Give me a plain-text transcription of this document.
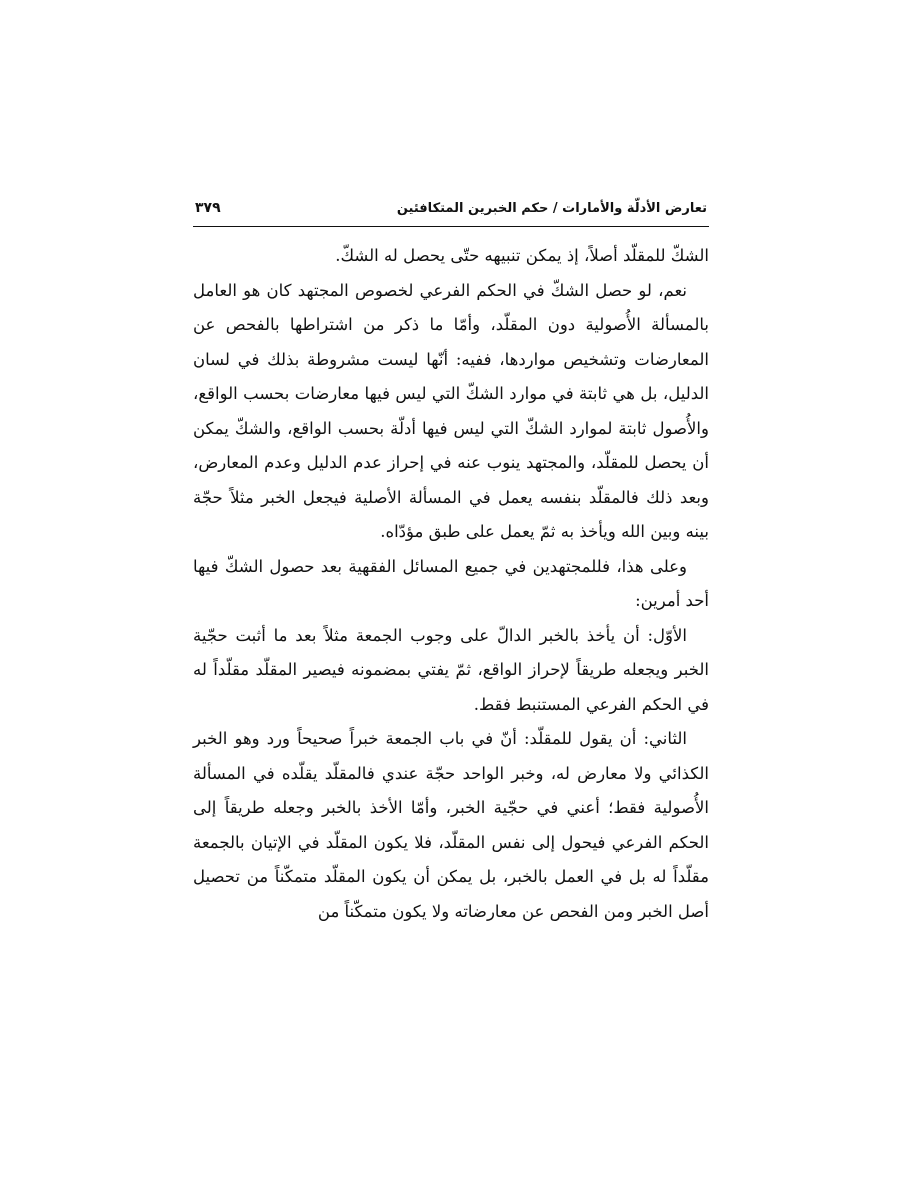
تعارض الأدلّة والأمارات / حكم الخبرين المتكافئين
٣٧٩

الشكّ للمقلّد أصلاً، إذ يمكن تنبيهه حتّى يحصل له الشكّ.

نعم، لو حصل الشكّ في الحكم الفرعي لخصوص المجتهد كان هو العامل بالمسألة الأُصولية دون المقلّد، وأمّا ما ذكر من اشتراطها بالفحص عن المعارضات وتشخيص مواردها، ففيه: أنّها ليست مشروطة بذلك في لسان الدليل، بل هي ثابتة في موارد الشكّ التي ليس فيها معارضات بحسب الواقع، والأُصول ثابتة لموارد الشكّ التي ليس فيها أدلّة بحسب الواقع، والشكّ يمكن أن يحصل للمقلّد، والمجتهد ينوب عنه في إحراز عدم الدليل وعدم المعارض، وبعد ذلك فالمقلّد بنفسه يعمل في المسألة الأصلية فيجعل الخبر مثلاً حجّة بينه وبين الله ويأخذ به ثمّ يعمل على طبق مؤدّاه.

وعلى هذا، فللمجتهدين في جميع المسائل الفقهية بعد حصول الشكّ فيها أحد أمرين:

الأوّل: أن يأخذ بالخبر الدالّ على وجوب الجمعة مثلاً بعد ما أثبت حجّية الخبر ويجعله طريقاً لإحراز الواقع، ثمّ يفتي بمضمونه فيصير المقلّد مقلّداً له في الحكم الفرعي المستنبط فقط.

الثاني: أن يقول للمقلّد: أنّ في باب الجمعة خبراً صحيحاً ورد وهو الخبر الكذائي ولا معارض له، وخبر الواحد حجّة عندي فالمقلّد يقلّده في المسألة الأُصولية فقط؛ أعني في حجّية الخبر، وأمّا الأخذ بالخبر وجعله طريقاً إلى الحكم الفرعي فيحول إلى نفس المقلّد، فلا يكون المقلّد في الإتيان بالجمعة مقلّداً له بل في العمل بالخبر، بل يمكن أن يكون المقلّد متمكّناً من تحصيل أصل الخبر ومن الفحص عن معارضاته ولا يكون متمكّناً من
